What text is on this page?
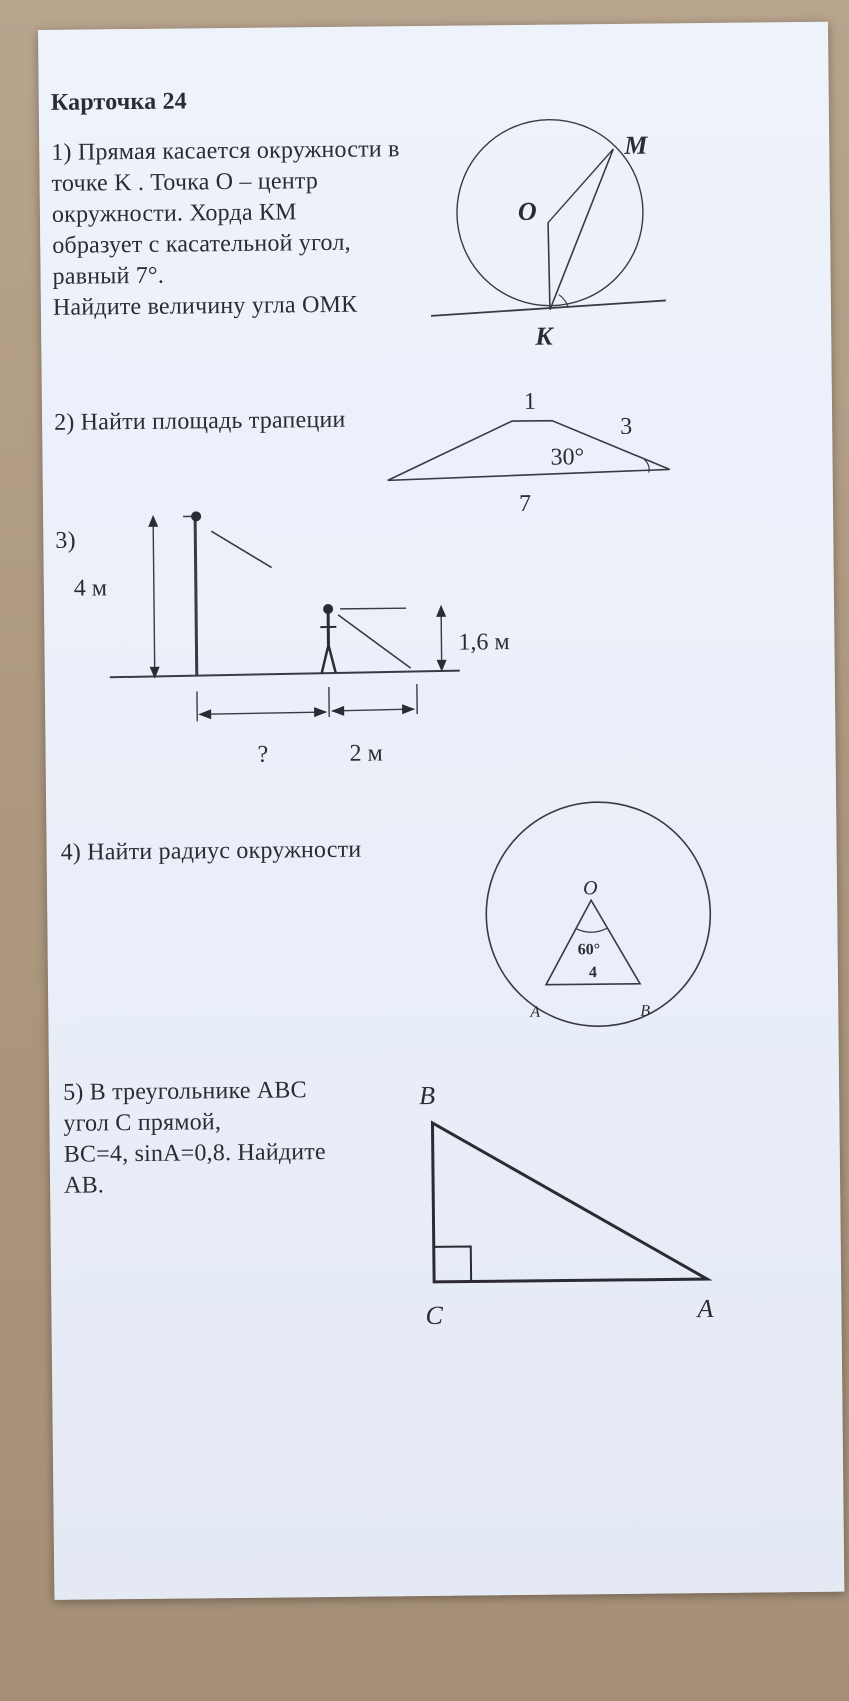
Карточка 24
1) Прямая касается окружности в
точке K . Точка О – центр
окружности. Хорда КМ
образует с касательной угол,
равный 7°.
Найдите величину угла ОМК
M
O
K
2) Найти площадь трапеции
1
3
30°
7
3)
4 м
1,6 м
?	2 м
4) Найти радиус окружности
O
60°
4
A	B
5) В треугольнике АВС
угол С прямой,
ВС=4, sinA=0,8. Найдите
АВ.
B
C	A
